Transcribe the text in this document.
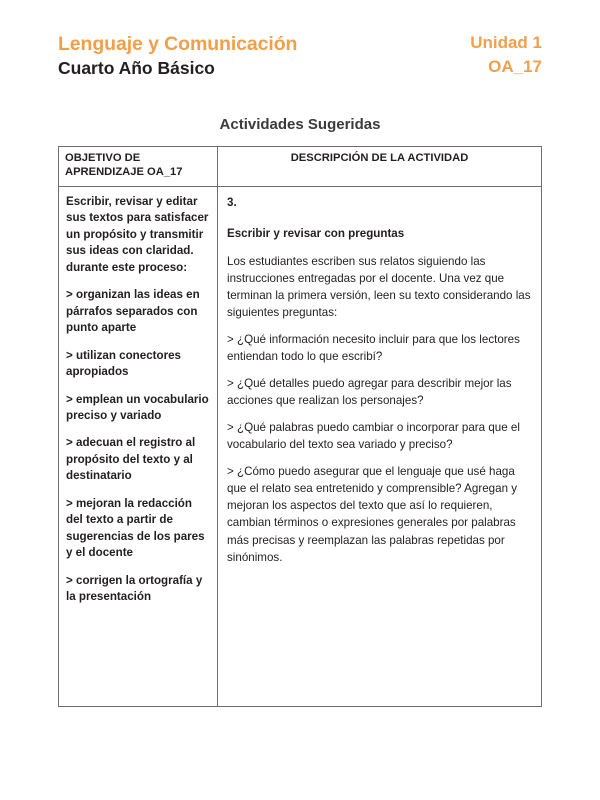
Lenguaje y Comunicación
Cuarto Año Básico
Unidad 1
OA_17
Actividades Sugeridas
OBJETIVO DE APRENDIZAJE OA_17
DESCRIPCIÓN DE LA ACTIVIDAD

Escribir, revisar y editar sus textos para satisfacer un propósito y transmitir sus ideas con claridad. durante este proceso:

> organizan las ideas en párrafos separados con punto aparte

> utilizan conectores apropiados

> emplean un vocabulario preciso y variado

> adecuan el registro al propósito del texto y al destinatario

> mejoran la redacción del texto a partir de sugerencias de los pares y el docente

> corrigen la ortografía y la presentación

3.

Escribir y revisar con preguntas

Los estudiantes escriben sus relatos siguiendo las instrucciones entregadas por el docente. Una vez que terminan la primera versión, leen su texto considerando las siguientes preguntas:

> ¿Qué información necesito incluir para que los lectores entiendan todo lo que escribí?

> ¿Qué detalles puedo agregar para describir mejor las acciones que realizan los personajes?

> ¿Qué palabras puedo cambiar o incorporar para que el vocabulario del texto sea variado y preciso?

> ¿Cómo puedo asegurar que el lenguaje que usé haga que el relato sea entretenido y comprensible? Agregan y mejoran los aspectos del texto que así lo requieren, cambian términos o expresiones generales por palabras más precisas y reemplazan las palabras repetidas por sinónimos.
